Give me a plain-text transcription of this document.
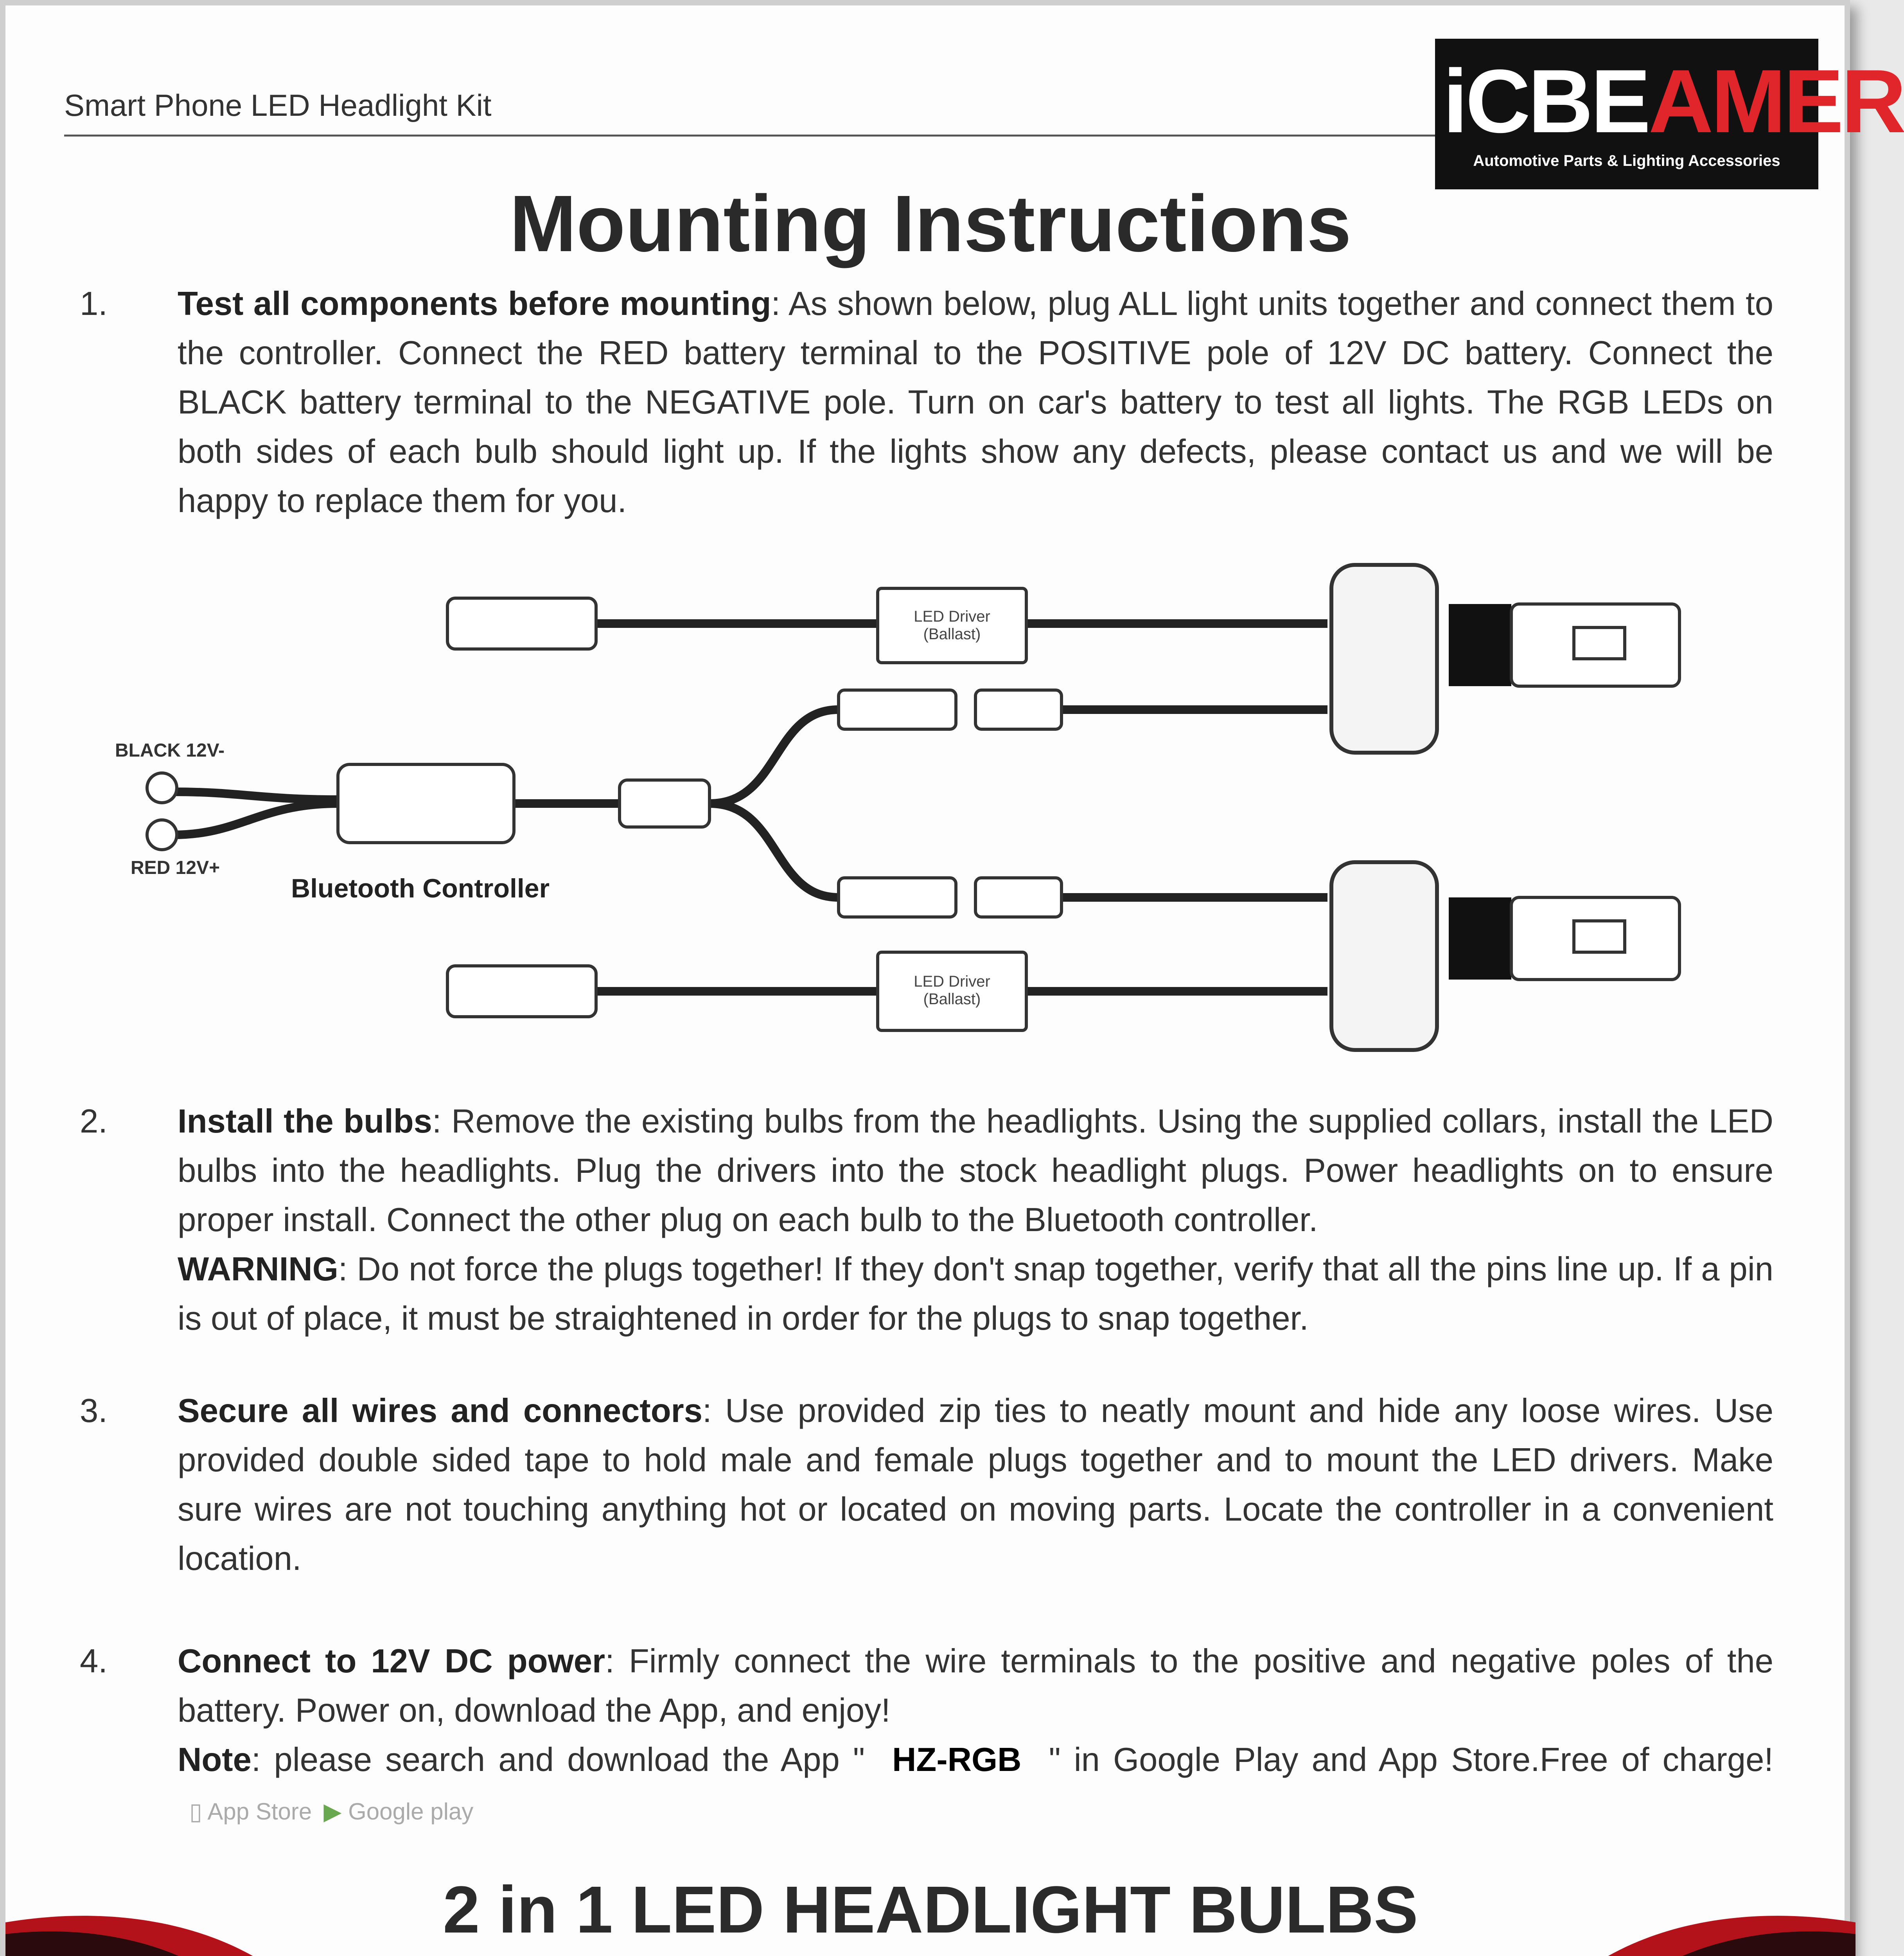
Smart Phone LED Headlight Kit	iCBEAMER
Automotive Parts & Lighting Accessories
Mounting Instructions
1. Test all components before mounting: As shown below, plug ALL light units together and connect them to the controller. Connect the RED battery terminal to the POSITIVE pole of 12V DC battery. Connect the BLACK battery terminal to the NEGATIVE pole. Turn on car's battery to test all lights. The RGB LEDs on both sides of each bulb should light up. If the lights show any defects, please contact us and we will be happy to replace them for you.
LED Driver
(Ballast)
LED Driver
(Ballast)
BLACK 12V-
RED 12V+
Bluetooth Controller
2. Install the bulbs: Remove the existing bulbs from the headlights. Using the supplied collars, install the LED bulbs into the headlights. Plug the drivers into the stock headlight plugs. Power headlights on to ensure proper install. Connect the other plug on each bulb to the Bluetooth controller.
WARNING: Do not force the plugs together! If they don't snap together, verify that all the pins line up. If a pin is out of place, it must be straightened in order for the plugs to snap together.
3. Secure all wires and connectors: Use provided zip ties to neatly mount and hide any loose wires. Use provided double sided tape to hold male and female plugs together and to mount the LED drivers. Make sure wires are not touching anything hot or located on moving parts. Locate the controller in a convenient location.
4. Connect to 12V DC power: Firmly connect the wire terminals to the positive and negative poles of the battery. Power on, download the App, and enjoy!
Note: please search and download the App " HZ-RGB " in Google Play and App Store.Free of charge!▯ App Store ▶ Google play
2 in 1 LED HEADLIGHT BULBS
